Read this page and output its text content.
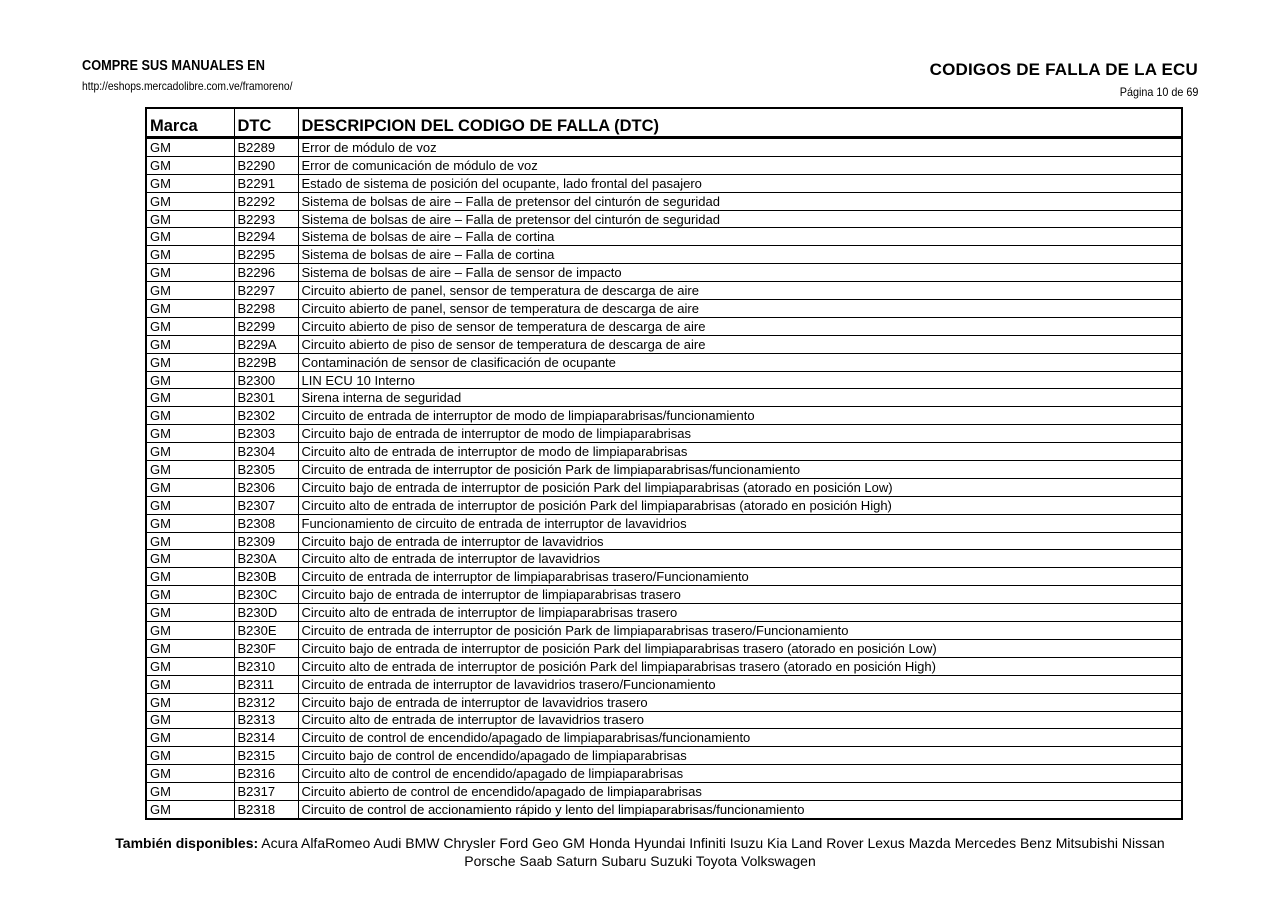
COMPRE SUS MANUALES EN
http://eshops.mercadolibre.com.ve/framoreno/
CODIGOS DE FALLA DE LA ECU
Página 10 de 69
Marca	DTC	DESCRIPCION DEL CODIGO DE FALLA (DTC)
GM	B2289	Error de módulo de voz
GM	B2290	Error de comunicación de módulo de voz
GM	B2291	Estado de sistema de posición del ocupante, lado frontal del pasajero
GM	B2292	Sistema de bolsas de aire – Falla de pretensor del cinturón de seguridad
GM	B2293	Sistema de bolsas de aire – Falla de pretensor del cinturón de seguridad
GM	B2294	Sistema de bolsas de aire – Falla de cortina
GM	B2295	Sistema de bolsas de aire – Falla de cortina
GM	B2296	Sistema de bolsas de aire – Falla de sensor de impacto
GM	B2297	Circuito abierto de panel, sensor de temperatura de descarga de aire
GM	B2298	Circuito abierto de panel, sensor de temperatura de descarga de aire
GM	B2299	Circuito abierto de piso de sensor de temperatura de descarga de aire
GM	B229A	Circuito abierto de piso de sensor de temperatura de descarga de aire
GM	B229B	Contaminación de sensor de clasificación de ocupante
GM	B2300	LIN ECU 10 Interno
GM	B2301	Sirena interna de seguridad
GM	B2302	Circuito de entrada de interruptor de modo de limpiaparabrisas/funcionamiento
GM	B2303	Circuito bajo de entrada de interruptor de modo de limpiaparabrisas
GM	B2304	Circuito alto de entrada de interruptor de modo de limpiaparabrisas
GM	B2305	Circuito de entrada de interruptor de posición Park de limpiaparabrisas/funcionamiento
GM	B2306	Circuito bajo de entrada de interruptor de posición Park del limpiaparabrisas (atorado en posición Low)
GM	B2307	Circuito alto de entrada de interruptor de posición Park del limpiaparabrisas (atorado en posición High)
GM	B2308	Funcionamiento de circuito de entrada de interruptor de lavavidrios
GM	B2309	Circuito bajo de entrada de interruptor de lavavidrios
GM	B230A	Circuito alto de entrada de interruptor de lavavidrios
GM	B230B	Circuito de entrada de interruptor de limpiaparabrisas trasero/Funcionamiento
GM	B230C	Circuito bajo de entrada de interruptor de limpiaparabrisas trasero
GM	B230D	Circuito alto de entrada de interruptor de limpiaparabrisas trasero
GM	B230E	Circuito de entrada de interruptor de posición Park de limpiaparabrisas trasero/Funcionamiento
GM	B230F	Circuito bajo de entrada de interruptor de posición Park del limpiaparabrisas trasero (atorado en posición Low)
GM	B2310	Circuito alto de entrada de interruptor de posición Park del limpiaparabrisas trasero (atorado en posición High)
GM	B2311	Circuito de entrada de interruptor de lavavidrios trasero/Funcionamiento
GM	B2312	Circuito bajo de entrada de interruptor de lavavidrios trasero
GM	B2313	Circuito alto de entrada de interruptor de lavavidrios trasero
GM	B2314	Circuito de control de encendido/apagado de limpiaparabrisas/funcionamiento
GM	B2315	Circuito bajo de control de encendido/apagado de limpiaparabrisas
GM	B2316	Circuito alto de control de encendido/apagado de limpiaparabrisas
GM	B2317	Circuito abierto de control de encendido/apagado de limpiaparabrisas
GM	B2318	Circuito de control de accionamiento rápido y lento del limpiaparabrisas/funcionamiento
También disponibles: Acura AlfaRomeo Audi BMW Chrysler Ford Geo GM Honda Hyundai Infiniti Isuzu Kia Land Rover Lexus Mazda Mercedes Benz Mitsubishi Nissan
Porsche Saab Saturn Subaru Suzuki Toyota Volkswagen
